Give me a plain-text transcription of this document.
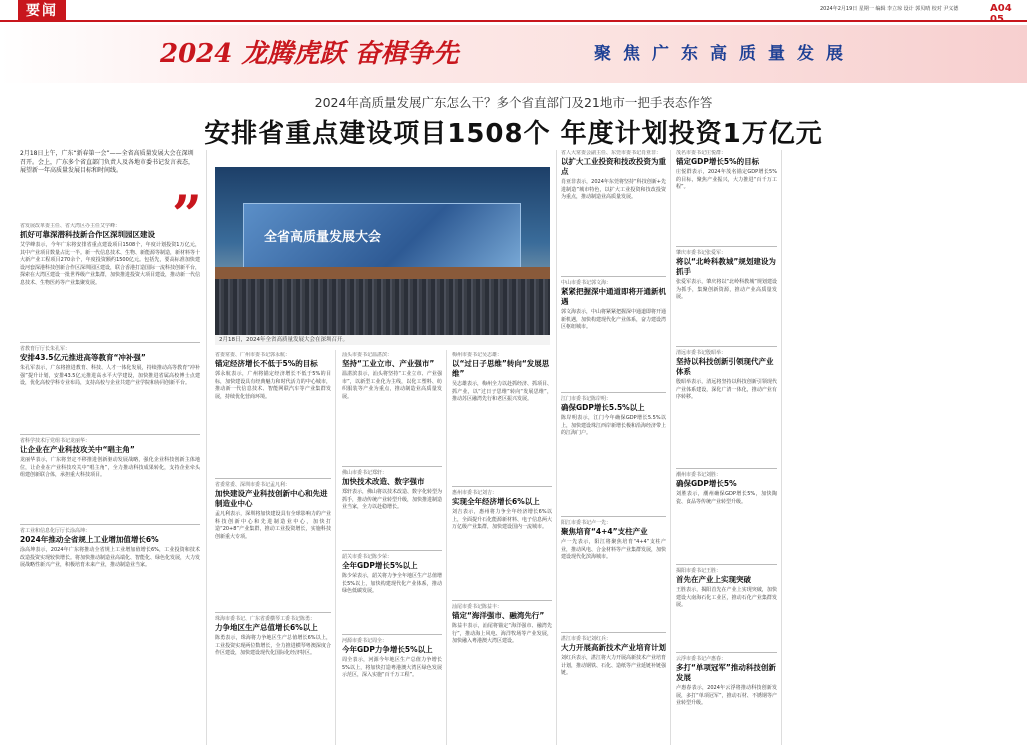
要闻	2024年2月19日 星期一 编辑 李立琼 设计 郭贝晴 校对 尹义德	A04
2024 龙腾虎跃 奋楫争先	聚焦广东高质量发展
2024年高质量发展广东怎么干？多个省直部门及21地市一把手表态作答
安排省重点建设项目1508个 年度计划投资1万亿元

2月18日上午，广东“新春第一会”——全省高质量发展大会在深圳召开。会上，广东多个省直部门负责人及各地市委书记发言表态，展望新一年高质量发展目标和时间线。

”	全省高质量发展大会
2月18日，2024年全省高质量发展大会在深圳召开。

省发展改革委主任、省大湾区办主任艾学峰：

抓好可靠深潜科技新合作区深圳园区建设

艾学峰表示，今年广东将安排省重点建设项目1508个，年度计划投资1万亿元，其中产业项目数量占比一半。新一代信息技术、生物、新能源等制造，新材料等十大新产业工程项目270余个，年度投资额约1500亿元。包括先，要高标准加快建设河套深港科技创新合作区深圳园区建设，联合香港打造国际一流科技创新平台，探索在大湾区建设一批世界级产业集群，加快推进投资大项目建设，推动新一代信息技术、生物医药等产业集聚发展。

省教育厅厅长朱孔军：

安排43.5亿元推进高等教育“冲补强”

朱孔军表示，广东将推进教育、科技、人才一体化发展，持续推动高等教育“冲补强”提升计划，安排43.5亿元推进高水平大学建设，加快推进省属高校博士点建设，优化高校学科专业布局，支持高校与企业共建产业学院和协同创新平台。

省科学技术厅党组书记龙丽华：

让企业在产业科技攻关中“唱主角”

龙丽华表示，广东将坚定不移推进创新驱动发展战略，强化企业科技创新主体地位，让企业在产业科技攻关中“唱主角”，全力推动科技成果转化，支持企业牵头组建创新联合体，承担重大科技项目。

省工业和信息化厅厅长涂高坤：

2024年推动全省规上工业增加值增长6%

涂高坤表示，2024年广东将推动全省规上工业增加值增长6%，工业投资和技术改造投资实现较快增长。将加快推动制造业高端化、智能化、绿色化发展，大力发展战略性新兴产业，积极培育未来产业，推动制造业当家。

省委常委、广州市委书记郭永航：

锚定经济增长不低于5%的目标

郭永航表示，广州将锚定经济增长不低于5%的目标，加快建设具有经典魅力和时代活力的中心城市，推动新一代信息技术、智能网联汽车等产业集群发展，持续优化营商环境。

省委常委、深圳市委书记孟凡利：

加快建设产业科技创新中心和先进制造业中心

孟凡利表示，深圳将加快建设具有全球影响力的产业科技创新中心和先进制造业中心，加快打造“20+8”产业集群，推动工业投资增长，实施科技创新重大专项。

珠海市委书记、广东省委横琴工委书记陈勇：

力争地区生产总值增长6%以上

陈勇表示，珠海将力争地区生产总值增长6%以上，工业投资实现两位数增长，全力推进横琴粤澳深度合作区建设，加快建设现代化国际化经济特区。

汕头市委书记温湛滨：

坚持“工业立市、产业强市”

温湛滨表示，汕头将坚持“工业立市、产业强市”，以新型工业化为主线，以化工塑料、纺织服装等产业为重点，推动制造业高质量发展。

佛山市委书记郑轩：

加快技术改造、数字强市

郑轩表示，佛山将以技术改造、数字化转型为抓手，推动传统产业转型升级，加快推进制造业当家，全力以赴稳增长。

韶关市委书记陈少荣：

全年GDP增长5%以上

陈少荣表示，韶关将力争全年地区生产总值增长5%以上，加快构建现代化产业体系，推动绿色低碳发展。

河源市委书记周全：

今年GDP力争增长5%以上

周全表示，河源今年地区生产总值力争增长5%以上，将加快打造粤港澳大湾区绿色发展示范区，深入实施“百千万工程”。

梅州市委书记吴志雄：

以“过日子思维”转向“发展思维”

吴志雄表示，梅州全力以赴抓经济、抓项目、抓产业，以“过日子思维”转向“发展思维”，推动苏区融湾先行和老区振兴发展。

惠州市委书记刘吉：

实现全年经济增长6%以上

刘吉表示，惠州将力争全年经济增长6%以上，全面提升石化能源新材料、电子信息两大万亿级产业集群，加快建设国内一流城市。

汕尾市委书记陈益丰：

锚定“海洋强市、融湾先行”

陈益丰表示，汕尾将锚定“海洋强市、融湾先行”，推动海上风电、海洋牧场等产业发展，加快融入粤港澳大湾区建设。

省人大常委会副主任、东莞市委书记肖亚非：

以扩大工业投资和技改投资为重点

肖亚非表示，2024年东莞将坚持“科技创新+先进制造”城市特色，以扩大工业投资和技改投资为重点，推动制造业高质量发展。

中山市委书记郭文海：

紧紧把握深中通道即将开通新机遇

郭文海表示，中山将紧紧把握深中通道即将开通新机遇，加快构建现代化产业体系，奋力建设湾区枢纽城市。

江门市委书记陈岸明：

确保GDP增长5.5%以上

陈岸明表示，江门今年确保GDP增长5.5%以上，加快建设珠江西岸新增长极和沿海经济带上的江海门户。

阳江市委书记卢一先：

聚焦培育“4+4”支柱产业

卢一先表示，阳江将聚焦培育“4+4”支柱产业，推动风电、合金材料等产业集群发展，加快建设现代化滨海城市。

湛江市委书记刘红兵：

大力开展高新技术产业培育计划

刘红兵表示，湛江将大力开展高新技术产业培育计划，推动钢铁、石化、造纸等产业延链补链强链。

茂名市委书记庄悦群：

锚定GDP增长5%的目标

庄悦群表示，2024年茂名锚定GDP增长5%的目标，聚焦产业振兴，大力推进“百千万工程”。

肇庆市委书记张爱军：

将以“北岭科教城”规划建设为抓手

张爱军表示，肇庆将以“北岭科教城”规划建设为抓手，集聚创新资源，推动产业高质量发展。

清远市委书记殷昭举：

坚持以科技创新引领现代产业体系

殷昭举表示，清远将坚持以科技创新引领现代产业体系建设，深化广清一体化，推动产业有序转移。

潮州市委书记刘胜：

确保GDP增长5%

刘胜表示，潮州确保GDP增长5%，加快陶瓷、食品等传统产业转型升级。

揭阳市委书记王胜：

首先在产业上实现突破

王胜表示，揭阳首先在产业上实现突破，加快建设大南海石化工业区，推动石化产业集群发展。

云浮市委书记卢惠春：

多打“单项冠军”推动科技创新发展

卢惠春表示，2024年云浮将推动科技创新发展，多打“单项冠军”，推动石材、不锈钢等产业转型升级。

2月18日上午，广东“新春第一会”——全省高质量发展大会在深圳召开。会上，广东多个省直部门负责人及各地市委书记发言表态，展望新一年高质量发展目标和时间线。
